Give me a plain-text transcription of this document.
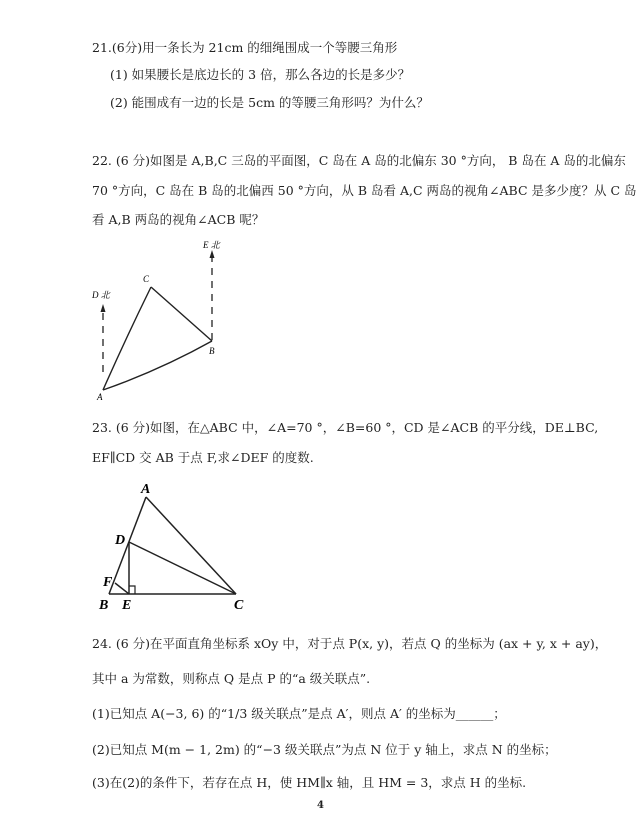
21.(6分)用一条长为 21cm 的细绳围成一个等腰三角形
(1) 如果腰长是底边长的 3 倍，那么各边的长是多少？
(2) 能围成有一边的长是 5cm 的等腰三角形吗？为什么？
22. (6 分)如图是 A,B,C 三岛的平面图，C 岛在 A 岛的北偏东 30 °方向， B 岛在 A 岛的北偏东
70 °方向，C 岛在 B 岛的北偏西 50 °方向，从 B 岛看 A,C 两岛的视角∠ABC 是多少度？从 C 岛
看 A,B 两岛的视角∠ACB 呢？
A
B
C
D 北
E 北
23. (6 分)如图，在△ABC 中，∠A=70 °，∠B=60 °，CD 是∠ACB 的平分线，DE⊥BC,
EF∥CD 交 AB 于点 F,求∠DEF 的度数.
A
B	C
D
E
F
24. (6 分)在平面直角坐标系 xOy 中，对于点 P(x, y)，若点 Q 的坐标为 (ax + y, x + ay)，
其中 a 为常数，则称点 Q 是点 P 的“a 级关联点”.
(1)已知点 A(−3, 6) 的“1/3 级关联点”是点 A′，则点 A′ 的坐标为______；
(2)已知点 M(m − 1, 2m) 的“−3 级关联点”为点 N 位于 y 轴上，求点 N 的坐标；
(3)在(2)的条件下，若存在点 H，使 HM∥x 轴，且 HM = 3，求点 H 的坐标.
4
